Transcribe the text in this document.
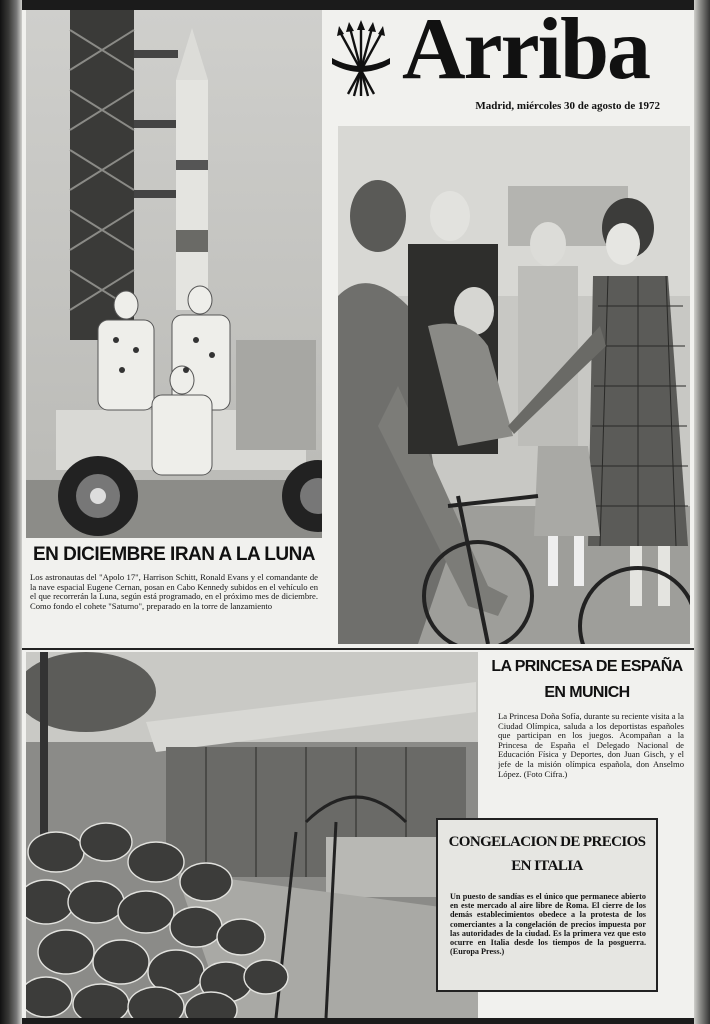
EN DICIEMBRE IRAN A LA LUNA
Los astronautas del "Apolo 17", Harrison Schitt, Ronald Evans y el comandante de la nave espacial Eugene Cernan, posan en Cabo Kennedy subidos en el vehículo en el que recorrerán la Luna, según está programado, en el próximo mes de diciembre. Como fondo el cohete "Saturno", preparado en la torre de lanzamiento
Arriba
Madrid, miércoles 30 de agosto de 1972
LA PRINCESA DE ESPAÑA
EN MUNICH
La Princesa Doña Sofía, durante su reciente visita a la Ciudad Olímpica, saluda a los deportistas españoles que participan en los juegos. Acompañan a la Princesa de España el Delegado Nacional de Educación Física y Deportes, don Juan Gisch, y el jefe de la misión olímpica española, don Anselmo López. (Foto Cifra.)
CONGELACION DE PRECIOS
EN ITALIA
Un puesto de sandías es el único que permanece abierto en este mercado al aire libre de Roma. El cierre de los demás establecimientos obedece a la protesta de los comerciantes a la congelación de precios impuesta por las autoridades de la ciudad. Es la primera vez que esto ocurre en Italia desde los tiempos de la posguerra. (Europa Press.)
